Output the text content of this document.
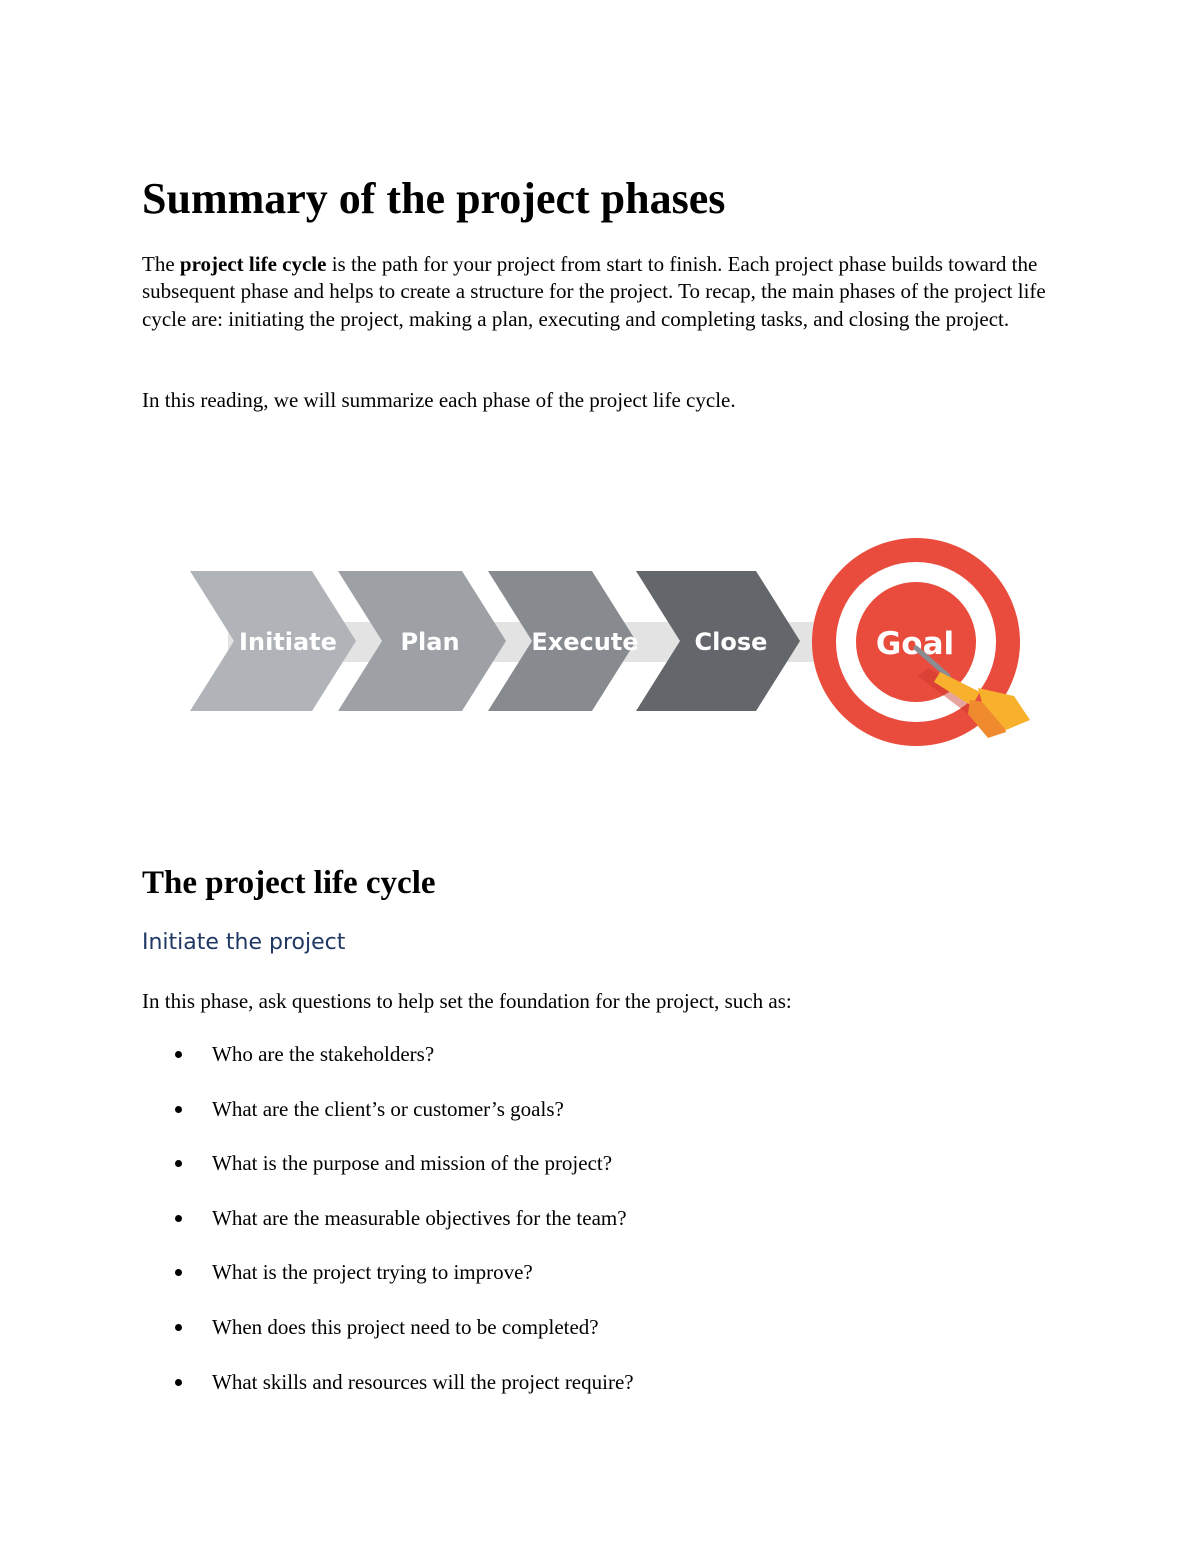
Summary of the project phases

The project life cycle is the path for your project from start to finish. Each project phase builds toward the subsequent phase and helps to create a structure for the project. To recap, the main phases of the project life cycle are: initiating the project, making a plan, executing and completing tasks, and closing the project.

In this reading, we will summarize each phase of the project life cycle.

The project life cycle
Initiate the project

In this phase, ask questions to help set the foundation for the project, such as:

Who are the stakeholders?
What are the client’s or customer’s goals?
What is the purpose and mission of the project?
What are the measurable objectives for the team?
What is the project trying to improve?
When does this project need to be completed?
What skills and resources will the project require?
Initiate	Plan	Execute Close	Goal
